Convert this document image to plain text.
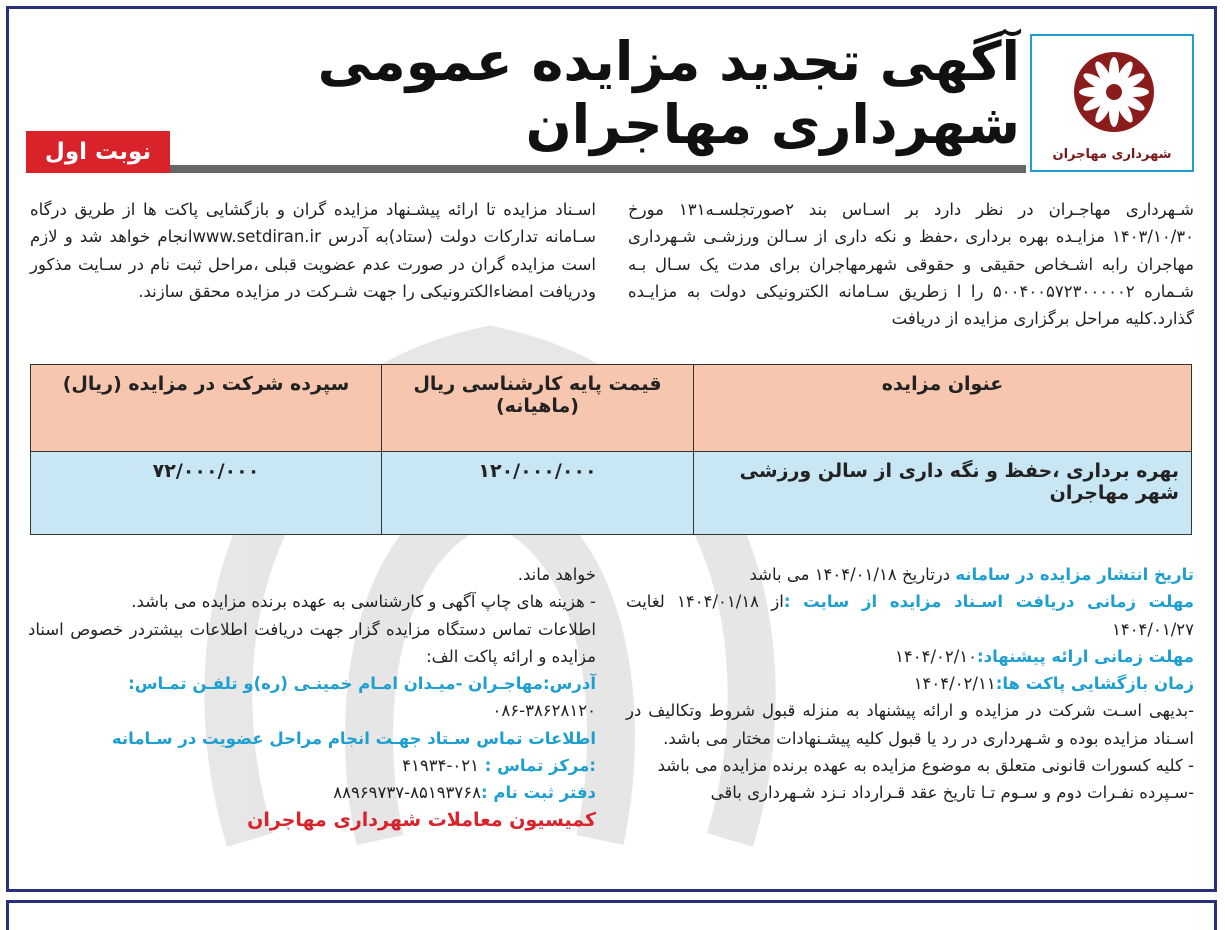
شهرداری مهاجران
آگهی تجدید مزایده عمومی شهرداری مهاجران
نوبت اول

شـهرداری مهاجـران در نظر دارد بر اسـاس بند ۲صورتجلسـه۱۳۱ مورخ ۱۴۰۳/۱۰/۳۰ مزایـده بهره برداری ،حفظ و نکه داری از سـالن ورزشـی شـهرداری مهاجران رابه اشـخاص حقیقی و حقوقی شهرمهاجران برای مدت یک سـال بـه شـماره ۵۰۰۴۰۰۵۷۲۳۰۰۰۰۰۲ را ا زطریق سـامانه الکترونیکی دولت به مزایـده گذارد.کلیه مراحل برگزاری مزایده از دریافت

اسـناد مزایده تا ارائه پیشـنهاد مزایده گران و بازگشایی پاکت ها از طریق درگاه سـامانه تدارکات دولت (ستاد)به آدرس www.setdiran.irانجام خواهد شد و لازم است مزایده گران در صورت عدم عضویت قبلی ،مراحل ثبت نام در سـایت مذکور ودریافت امضاءالکترونیکی را جهت شـرکت در مزایده محقق سازند.

عنوان مزایده	قیمت پایه کارشناسی ریال (ماهیانه)	سپرده شرکت در مزایده (ریال)
بهره برداری ،حفظ و نگه داری از سالن ورزشی شهر مهاجران	۱۲۰/۰۰۰/۰۰۰	۷۲/۰۰۰/۰۰۰

تاریخ انتشار مزایده در سامانه درتاریخ ۱۴۰۴/۰۱/۱۸ می باشد

مهلت زمانی دریافت اسـناد مزایده از سایت :از ۱۴۰۴/۰۱/۱۸ لغایت ۱۴۰۴/۰۱/۲۷

مهلت زمانی ارائه پیشنهاد:۱۴۰۴/۰۲/۱۰

زمان بازگشایی پاکت ها:۱۴۰۴/۰۲/۱۱

-بدیهی اسـت شرکت در مزایده و ارائه پیشنهاد به منزله قبول شروط وتکالیف در اسـناد مزایده بوده و شـهرداری در رد یا قبول کلیه پیشـنهادات مختار می باشد.

- کلیه کسورات قانونی متعلق به موضوع مزایده به عهده برنده مزایده می باشد

-سـپرده نفـرات دوم و سـوم تـا تاریخ عقد قـرارداد نـزد شـهرداری باقی

خواهد ماند.

- هزینه های چاپ آگهی و کارشناسی به عهده برنده مزایده می باشد.

اطلاعات تماس دستگاه مزایده گزار جهت دریافت اطلاعات بیشتردر خصوص اسناد مزایده و ارائه پاکت الف:

آدرس:مهاجـران -میـدان امـام خمینـی (ره)و تلفـن تمـاس:

۰۸۶-۳۸۶۲۸۱۲۰

اطلاعات تماس سـتاد جهـت انجام مراحل عضویت در سـامانه

:مرکز تماس : ۰۲۱-۴۱۹۳۴

دفتر ثبت نام :۸۵۱۹۳۷۶۸-۸۸۹۶۹۷۳۷

کمیسیون معاملات شهرداری مهاجران
